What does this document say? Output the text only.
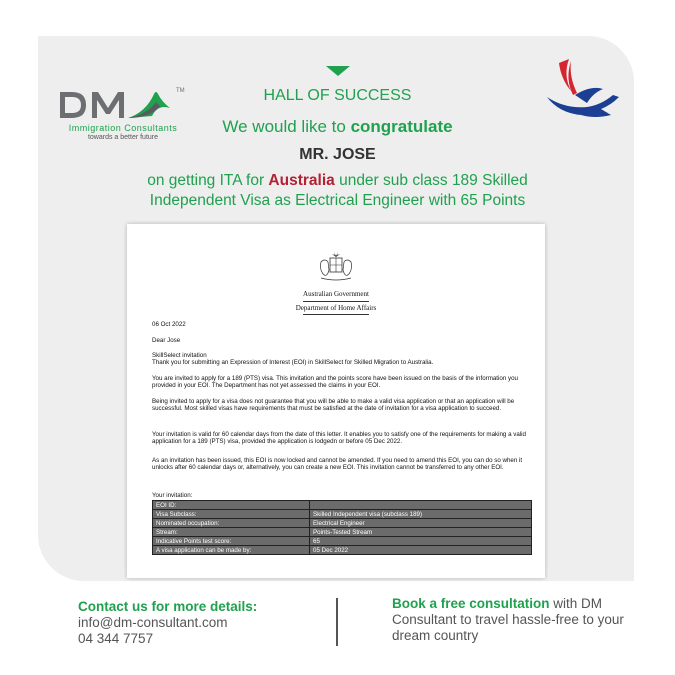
TM
Immigration Consultants
towards a better future
HALL OF SUCCESS
We would like to congratulate
MR. JOSE
on getting ITA for Australia under sub class 189 Skilled
Independent Visa as Electrical Engineer with 65 Points
Australian Government
Department of Home Affairs
06 Oct 2022
Dear Jose
SkillSelect invitation
Thank you for submitting an Expression of Interest (EOI) in SkillSelect for Skilled Migration to Australia.
You are invited to apply for a 189 (PTS) visa. This invitation and the points score have been issued on the basis of the information you provided in your EOI. The Department has not yet assessed the claims in your EOI.
Being invited to apply for a visa does not guarantee that you will be able to make a valid visa application or that an application will be successful. Most skilled visas have requirements that must be satisfied at the date of invitation for a visa application to succeed.
Your invitation is valid for 60 calendar days from the date of this letter. It enables you to satisfy one of the requirements for making a valid application for a 189 (PTS) visa, provided the application is lodgedn or before 05 Dec 2022.
As an invitation has been issued, this EOI is now locked and cannot be amended. If you need to amend this EOI, you can do so when it unlocks after 60 calendar days or, alternatively, you can create a new EOI. This invitation cannot be transferred to any other EOI.
Your invitation:
EOI ID:	
Visa Subclass:	Skilled Independent visa (subclass 189)
Nominated occupation:	Electrical Engineer
Stream:	Points-Tested Stream
Indicative Points test score:	65
A visa application can be made by:	05 Dec 2022
Contact us for more details:
info@dm-consultant.com
04 344 7757
Book a free consultation with DM Consultant to travel hassle-free to your dream country
